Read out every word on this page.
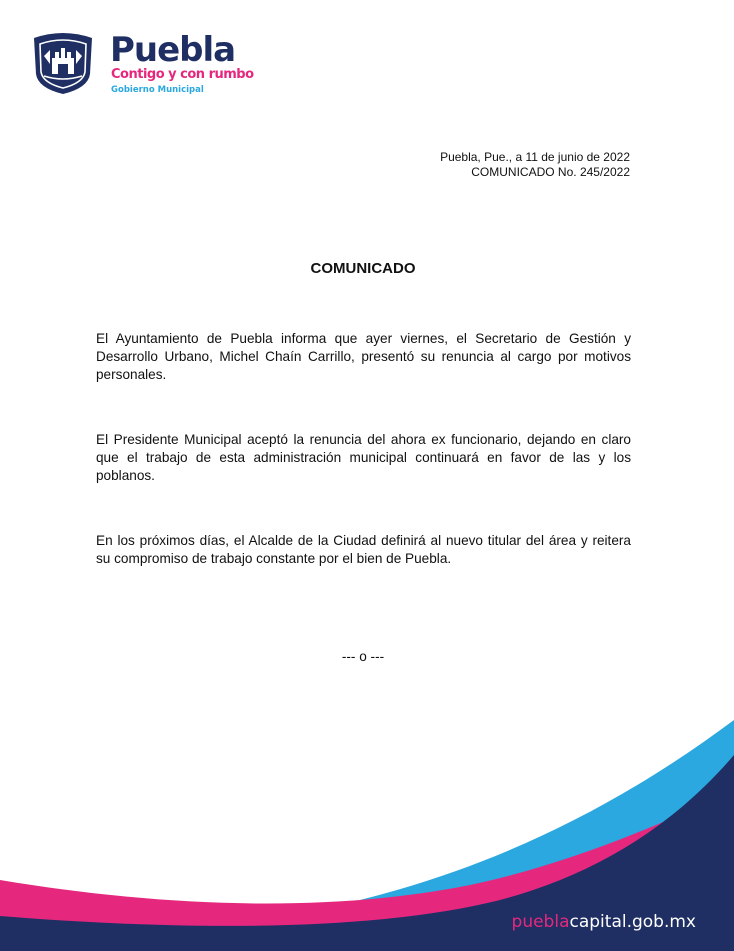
Puebla
Contigo y con rumbo
Gobierno Municipal
Puebla, Pue., a 11 de junio de 2022
COMUNICADO No. 245/2022
COMUNICADO
El Ayuntamiento de Puebla informa que ayer viernes, el Secretario de Gestión y Desarrollo Urbano, Michel Chaín Carrillo, presentó su renuncia al cargo por motivos personales.
El Presidente Municipal aceptó la renuncia del ahora ex funcionario, dejando en claro que el trabajo de esta administración municipal continuará en favor de las y los poblanos.
En los próximos días, el Alcalde de la Ciudad definirá al nuevo titular del área y reitera su compromiso de trabajo constante por el bien de Puebla.
--- o ---
pueblacapital.gob.mx
